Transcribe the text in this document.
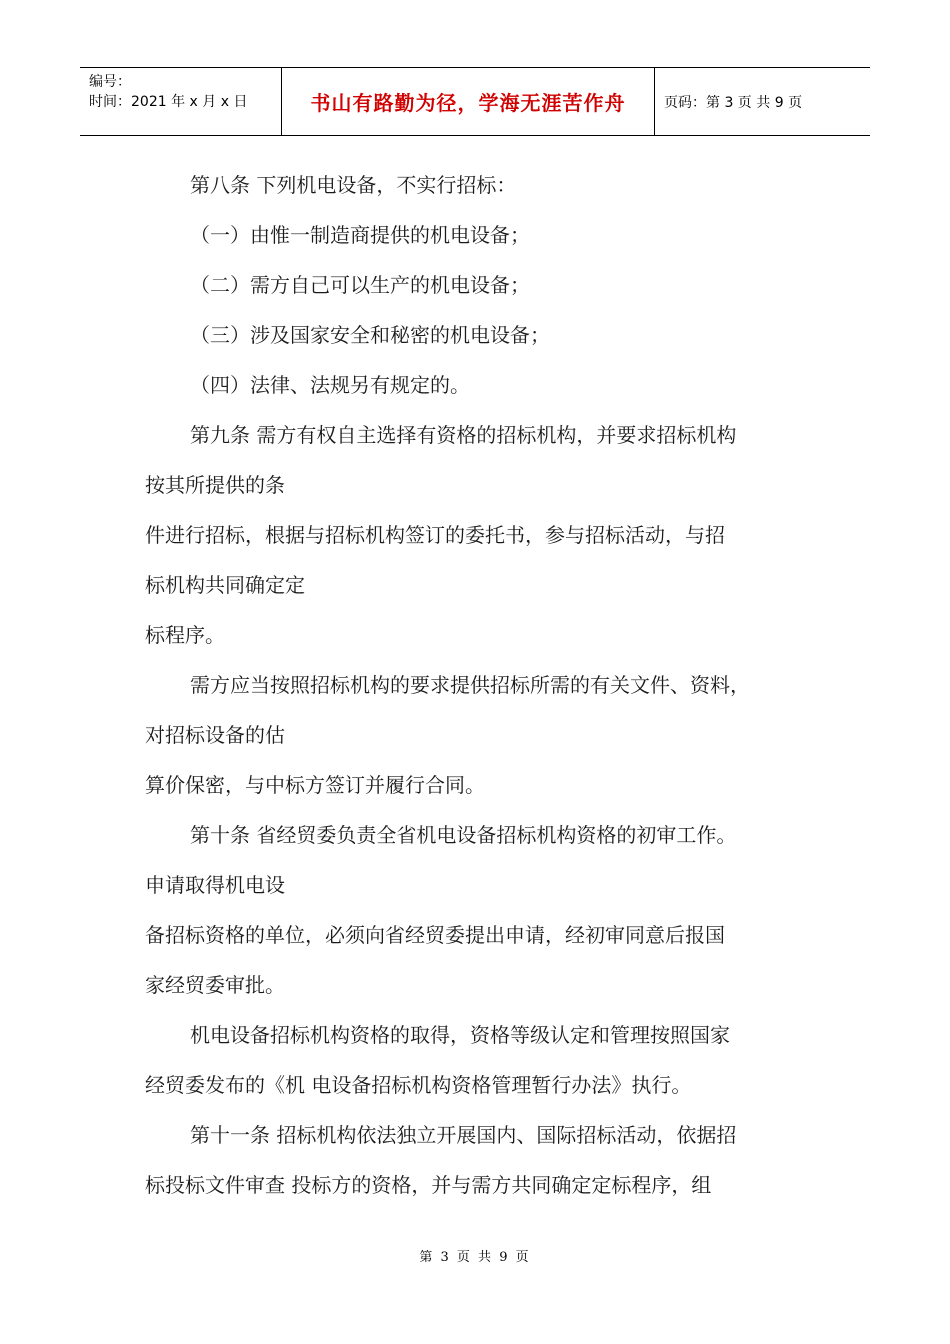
编号：
时间：2021 年 x 月 x 日	书山有路勤为径，学海无涯苦作舟	页码：第 3 页 共 9 页
第八条 下列机电设备，不实行招标：
（一）由惟一制造商提供的机电设备；
（二）需方自己可以生产的机电设备；
（三）涉及国家安全和秘密的机电设备；
（四）法律、法规另有规定的。
第九条 需方有权自主选择有资格的招标机构，并要求招标机构
按其所提供的条
件进行招标，根据与招标机构签订的委托书，参与招标活动，与招
标机构共同确定定
标程序。
需方应当按照招标机构的要求提供招标所需的有关文件、资料，
对招标设备的估
算价保密，与中标方签订并履行合同。
第十条 省经贸委负责全省机电设备招标机构资格的初审工作。
申请取得机电设
备招标资格的单位，必须向省经贸委提出申请，经初审同意后报国
家经贸委审批。
机电设备招标机构资格的取得，资格等级认定和管理按照国家
经贸委发布的《机 电设备招标机构资格管理暂行办法》执行。
第十一条 招标机构依法独立开展国内、国际招标活动，依据招
标投标文件审查 投标方的资格，并与需方共同确定定标程序，组
第 3 页 共 9 页
